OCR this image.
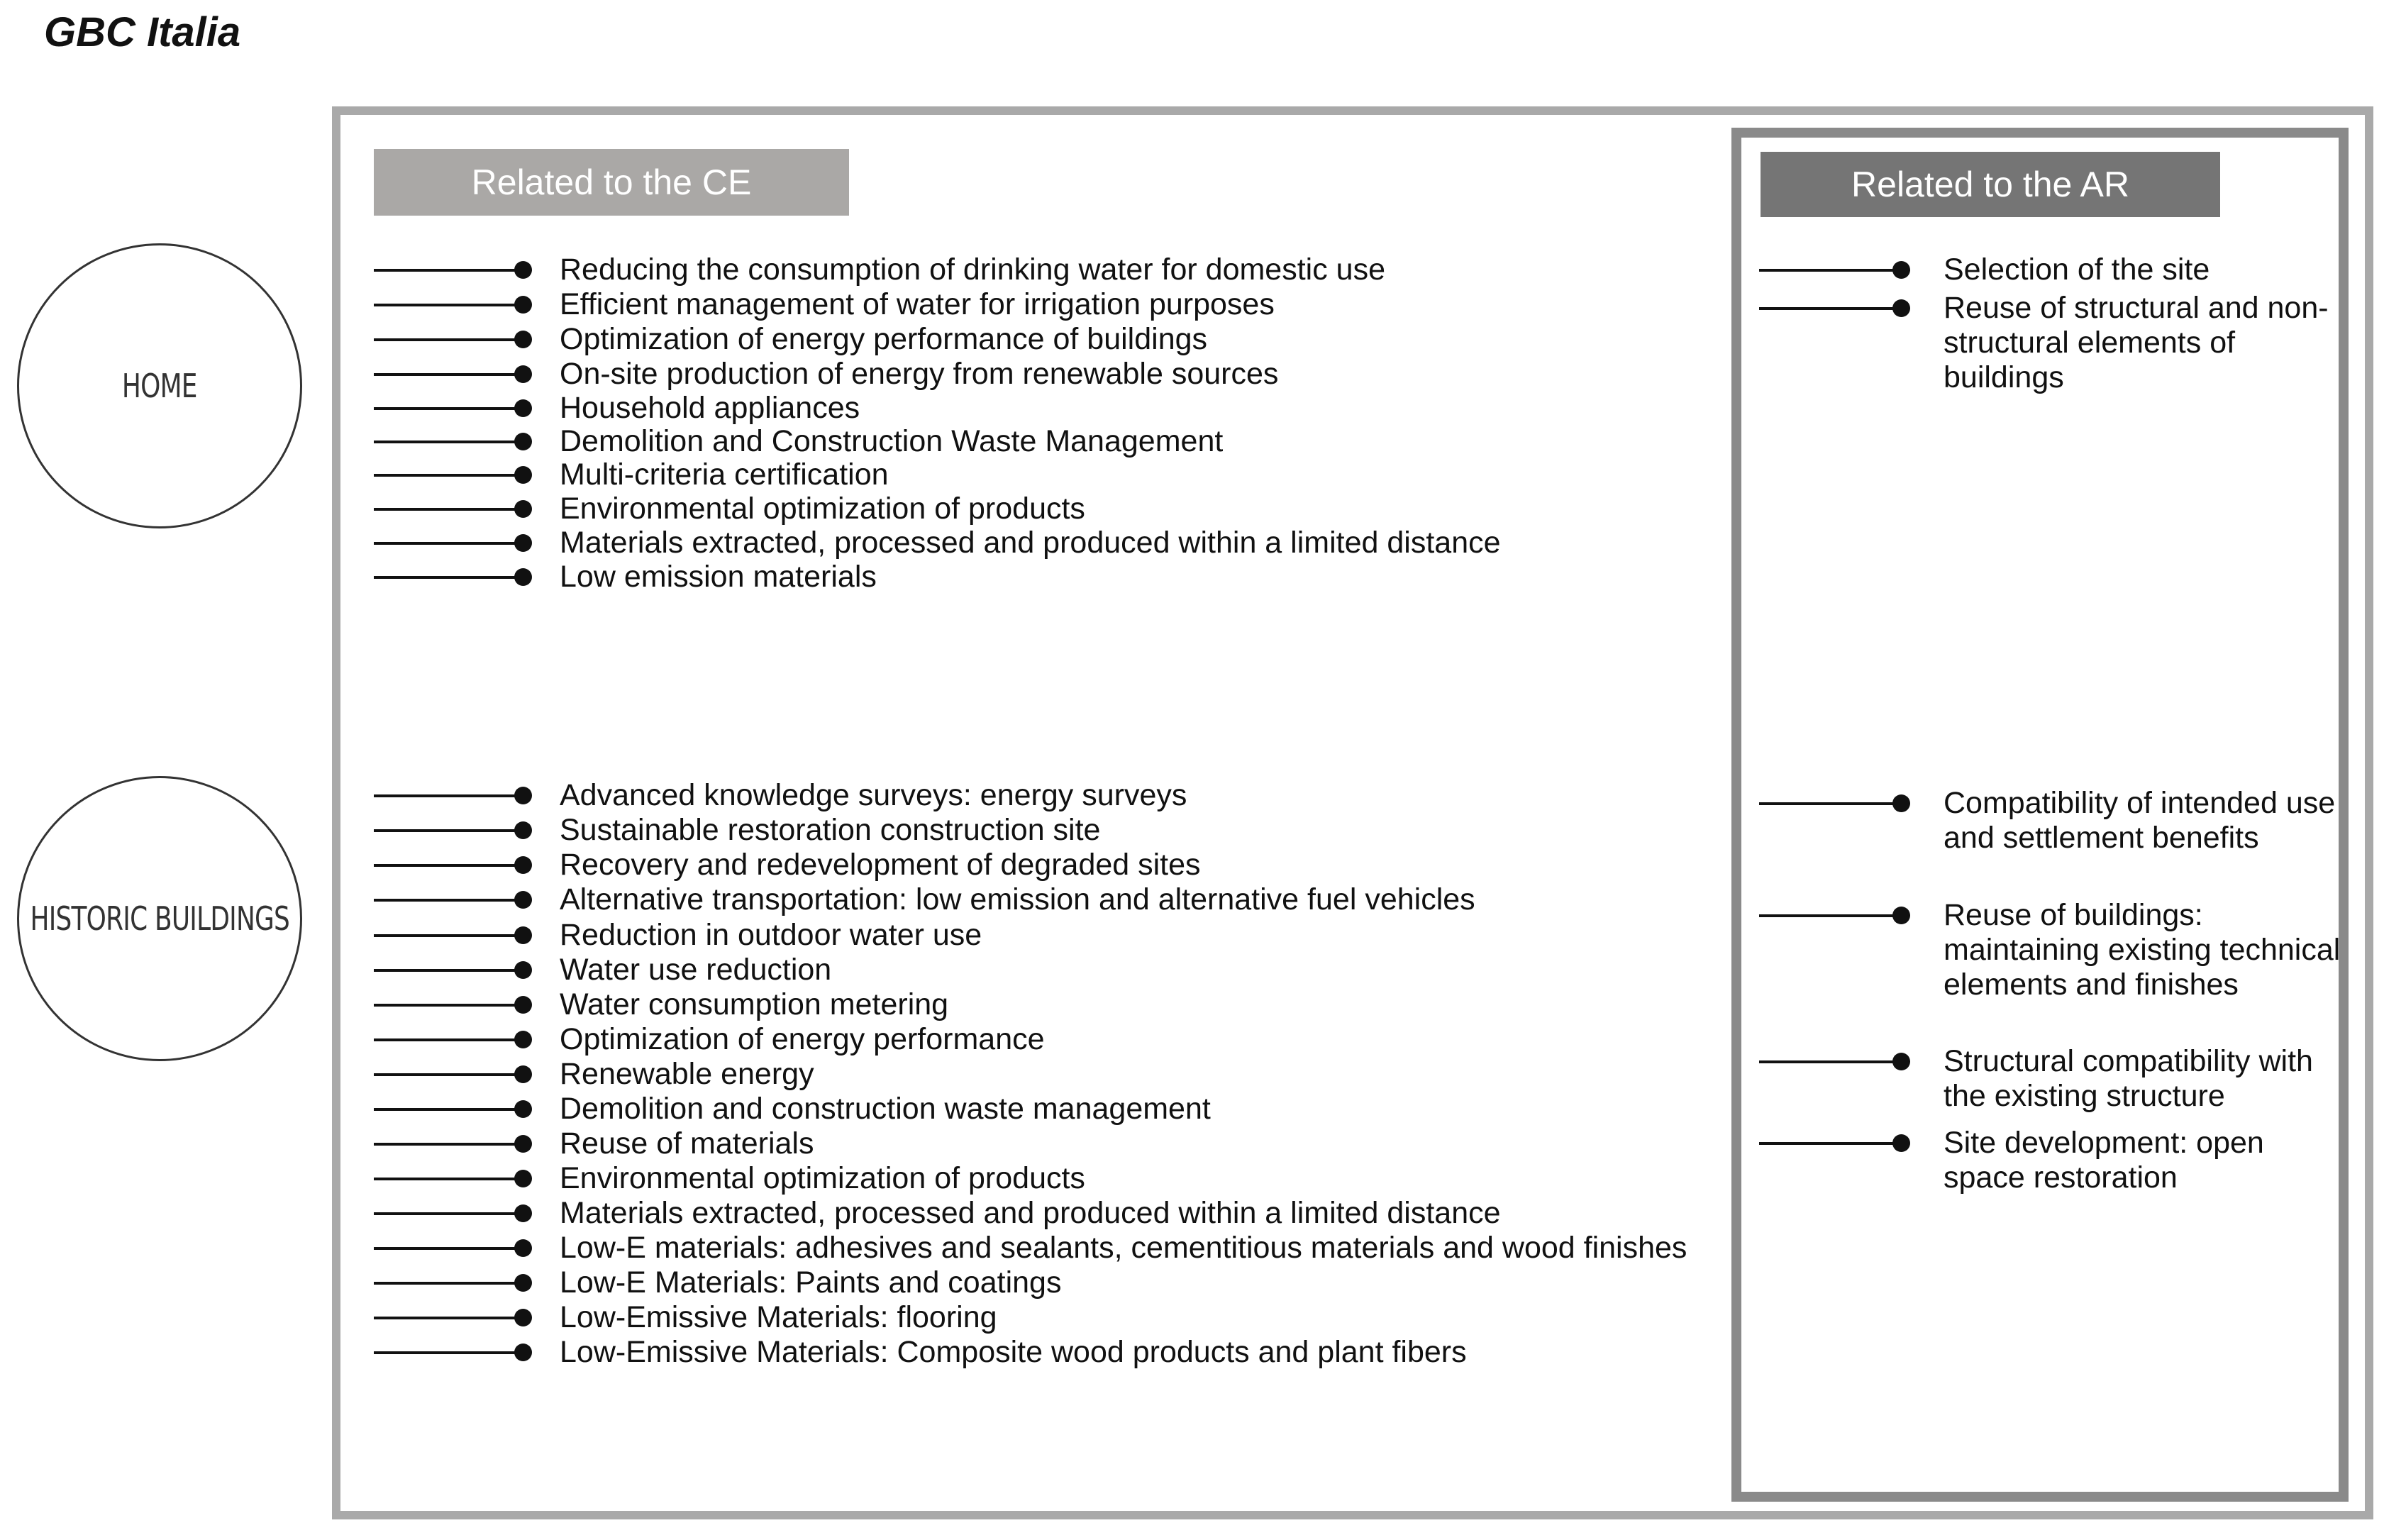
GBC Italia
Related to the CE	Related to the AR
HOME
HISTORIC BUILDINGS
Reducing the consumption of drinking water for domestic use
Efficient management of water for irrigation purposes
Optimization of energy performance of buildings
On-site production of energy from renewable sources
Household appliances
Demolition and Construction Waste Management
Multi-criteria certification
Environmental optimization of products
Materials extracted, processed and produced within a limited distance
Low emission materials
Selection of the site
Reuse of structural and non-structural elements of buildings
Advanced knowledge surveys: energy surveys
Sustainable restoration construction site
Recovery and redevelopment of degraded sites
Alternative transportation: low emission and alternative fuel vehicles
Reduction in outdoor water use
Water use reduction
Water consumption metering
Optimization of energy performance
Renewable energy
Demolition and construction waste management
Reuse of materials
Environmental optimization of products
Materials extracted, processed and produced within a limited distance
Low-E materials: adhesives and sealants, cementitious materials and wood finishes
Low-E Materials: Paints and coatings
Low-Emissive Materials: flooring
Low-Emissive Materials: Composite wood products and plant fibers
Compatibility of intended use and settlement benefits
Reuse of buildings: maintaining existing technical elements and finishes
Structural compatibility with the existing structure
Site development: open space restoration
